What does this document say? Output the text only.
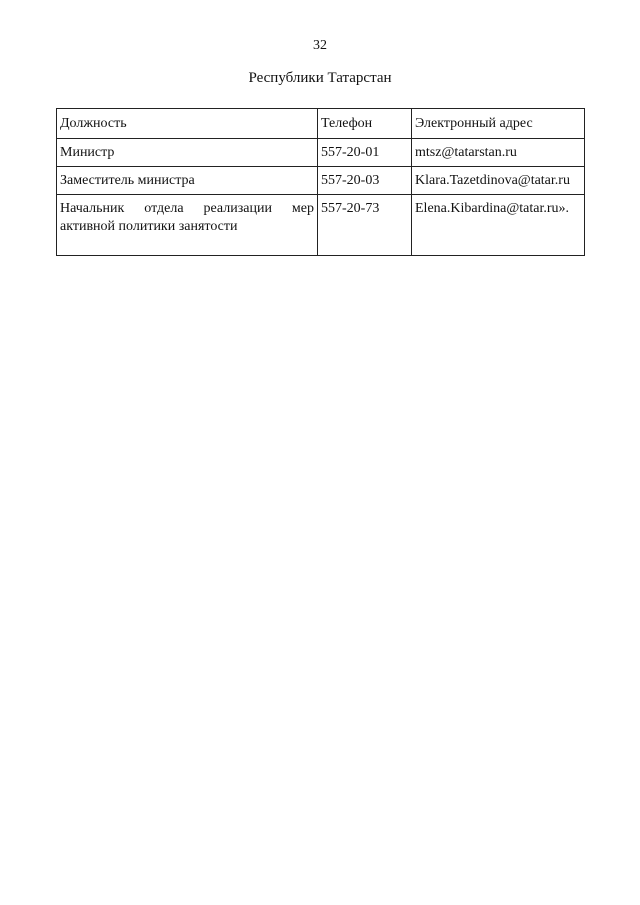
32
Республики Татарстан
Должность	Телефон	Электронный адрес
Министр	557-20-01	mtsz@tatarstan.ru
Заместитель министра	557-20-03	Klara.Tazetdinova@tatar.ru

Начальник отдела реализации мер
активной политики занятости	557-20-73	Elena.Kibardina@tatar.ru».
